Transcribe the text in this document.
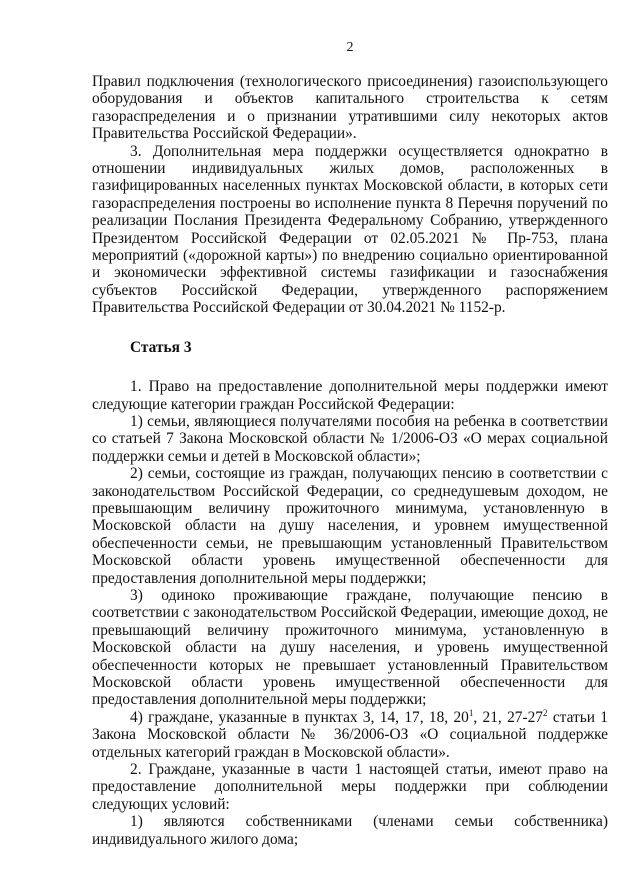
2

Правил подключения (технологического присоединения) газоиспользующего оборудования и объектов капитального строительства к сетям газораспределения и о признании утратившими силу некоторых актов Правительства Российской Федерации».

3. Дополнительная мера поддержки осуществляется однократно в отношении индивидуальных жилых домов, расположенных в газифицированных населенных пунктах Московской области, в которых сети газораспределения построены во исполнение пункта 8 Перечня поручений по реализации Послания Президента Федеральному Собранию, утвержденного Президентом Российской Федерации от 02.05.2021 № Пр-753, плана мероприятий («дорожной карты») по внедрению социально ориентированной и экономически эффективной системы газификации и газоснабжения субъектов Российской Федерации, утвержденного распоряжением Правительства Российской Федерации от 30.04.2021 № 1152-р.

Статья 3

1. Право на предоставление дополнительной меры поддержки имеют следующие категории граждан Российской Федерации:

1) семьи, являющиеся получателями пособия на ребенка в соответствии со статьей 7 Закона Московской области № 1/2006-ОЗ «О мерах социальной поддержки семьи и детей в Московской области»;

2) семьи, состоящие из граждан, получающих пенсию в соответствии с законодательством Российской Федерации, со среднедушевым доходом, не превышающим величину прожиточного минимума, установленную в Московской области на душу населения, и уровнем имущественной обеспеченности семьи, не превышающим установленный Правительством Московской области уровень имущественной обеспеченности для предоставления дополнительной меры поддержки;

3) одиноко проживающие граждане, получающие пенсию в соответствии с законодательством Российской Федерации, имеющие доход, не превышающий величину прожиточного минимума, установленную в Московской области на душу населения, и уровень имущественной обеспеченности которых не превышает установленный Правительством Московской области уровень имущественной обеспеченности для предоставления дополнительной меры поддержки;

4) граждане, указанные в пунктах 3, 14, 17, 18, $20^1$, 21, $27-27^2$ статьи 1 Закона Московской области № 36/2006-ОЗ «О социальной поддержке отдельных категорий граждан в Московской области».

2. Граждане, указанные в части 1 настоящей статьи, имеют право на предоставление дополнительной меры поддержки при соблюдении следующих условий:

1) являются собственниками (членами семьи собственника) индивидуального жилого дома;
